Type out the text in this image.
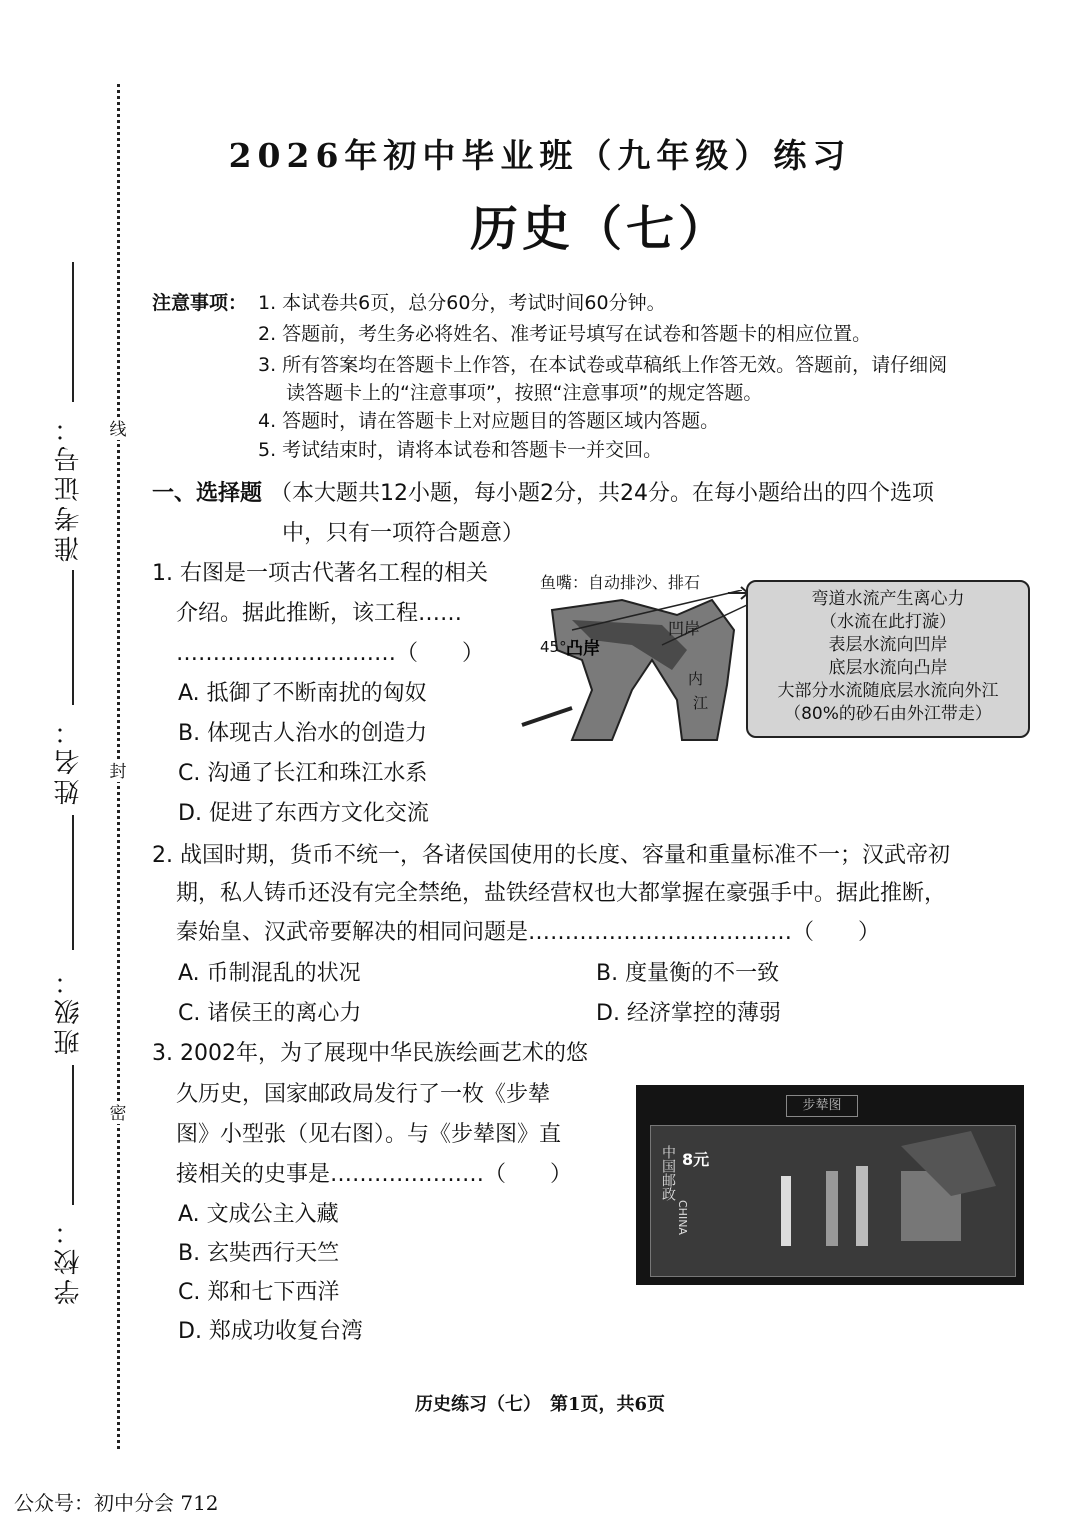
线
封
密
准考证号：
姓名：
班级：
学校：
2026年初中毕业班（九年级）练习
历史（七）
注意事项： 1. 本试卷共6页，总分60分，考试时间60分钟。
2. 答题前，考生务必将姓名、准考证号填写在试卷和答题卡的相应位置。
3. 所有答案均在答题卡上作答，在本试卷或草稿纸上作答无效。答题前，请仔细阅
读答题卡上的“注意事项”，按照“注意事项”的规定答题。
4. 答题时，请在答题卡上对应题目的答题区域内答题。
5. 考试结束时，请将本试卷和答题卡一并交回。
一、选择题 （本大题共12小题，每小题2分，共24分。在每小题给出的四个选项
中，只有一项符合题意）
1. 右图是一项古代著名工程的相关
介绍。据此推断，该工程……
…………………………（　　）
A. 抵御了不断南扰的匈奴
B. 体现古人治水的创造力
C. 沟通了长江和珠江水系
D. 促进了东西方文化交流
鱼嘴：自动排沙、排石
45° 凸岸
凹岸
内
江
弯道水流产生离心力
（水流在此打漩）
表层水流向凹岸
底层水流向凸岸
大部分水流随底层水流向外江
（80%的砂石由外江带走）
2. 战国时期，货币不统一，各诸侯国使用的长度、容量和重量标准不一；汉武帝初
期，私人铸币还没有完全禁绝，盐铁经营权也大都掌握在豪强手中。据此推断，
秦始皇、汉武帝要解决的相同问题是………………………………（　　）
A. 币制混乱的状况	B. 度量衡的不一致
C. 诸侯王的离心力	D. 经济掌控的薄弱
3. 2002年，为了展现中华民族绘画艺术的悠
久历史，国家邮政局发行了一枚《步辇
图》小型张（见右图）。与《步辇图》直
接相关的史事是…………………（　　）
A. 文成公主入藏
B. 玄奘西行天竺
C. 郑和七下西洋
D. 郑成功收复台湾
步辇图
中国邮政
CHINA
8元
历史练习（七）　第1页，共6页
公众号：初中分会 712
